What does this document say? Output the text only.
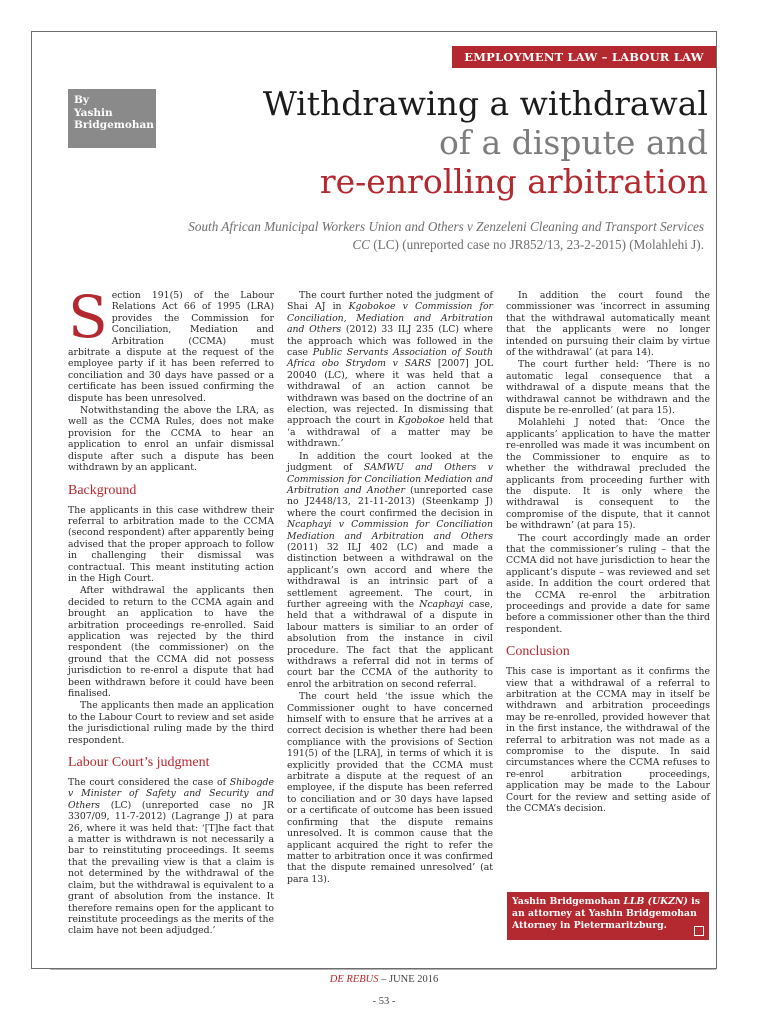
EMPLOYMENT LAW – LABOUR LAW
By
Yashin Bridgemohan
Withdrawing a withdrawal
of a dispute and
re-enrolling arbitration
South African Municipal Workers Union and Others v Zenzeleni Cleaning and Transport Services CC (LC) (unreported case no JR852/13, 23-2-2015) (Molahlehi J).

Section 191(5) of the Labour Relations Act 66 of 1995 (LRA) provides the Commission for Conciliation, Mediation and Arbitration (CCMA) must arbitrate a dispute at the request of the employee party if it has been referred to conciliation and 30 days have passed or a certificate has been issued confirming the dispute has been unresolved.

Notwithstanding the above the LRA, as well as the CCMA Rules, does not make provision for the CCMA to hear an application to enrol an unfair dismissal dispute after such a dispute has been withdrawn by an applicant.

Background

The applicants in this case withdrew their referral to arbitration made to the CCMA (second respondent) after apparently being advised that the proper approach to follow in challenging their dismissal was contractual. This meant instituting action in the High Court.

After withdrawal the applicants then decided to return to the CCMA again and brought an application to have the arbitration proceedings re-enrolled. Said application was rejected by the third respondent (the commissioner) on the ground that the CCMA did not possess jurisdiction to re-enrol a dispute that had been withdrawn before it could have been finalised.

The applicants then made an application to the Labour Court to review and set aside the jurisdictional ruling made by the third respondent.

Labour Court’s judgment

The court considered the case of Shibogde v Minister of Safety and Security and Others (LC) (unreported case no JR 3307/09, 11-7-2012) (Lagrange J) at para 26, where it was held that: ‘[T]he fact that a matter is withdrawn is not necessarily a bar to reinstituting proceedings. It seems that the prevailing view is that a claim is not determined by the withdrawal of the claim, but the withdrawal is equivalent to a grant of absolution from the instance. It therefore remains open for the applicant to reinstitute proceedings as the merits of the claim have not been adjudged.’

The court further noted the judgment of Shai AJ in Kgobokoe v Commission for Conciliation, Mediation and Arbitration and Others (2012) 33 ILJ 235 (LC) where the approach which was followed in the case Public Servants Association of South Africa obo Strydom v SARS [2007] JOL 20040 (LC), where it was held that a withdrawal of an action cannot be withdrawn was based on the doctrine of an election, was rejected. In dismissing that approach the court in Kgobokoe held that ‘a withdrawal of a matter may be withdrawn.’

In addition the court looked at the judgment of SAMWU and Others v Commission for Conciliation Mediation and Arbitration and Another (unreported case no J2448/13, 21-11-2013) (Steenkamp J) where the court confirmed the decision in Ncaphayi v Commission for Conciliation Mediation and Arbitration and Others (2011) 32 ILJ 402 (LC) and made a distinction between a withdrawal on the applicant’s own accord and where the withdrawal is an intrinsic part of a settlement agreement. The court, in further agreeing with the Ncaphayi case, held that a withdrawal of a dispute in labour matters is similiar to an order of absolution from the instance in civil procedure. The fact that the applicant withdraws a referral did not in terms of court bar the CCMA of the authority to enrol the arbitration on second referral.

The court held ‘the issue which the Commissioner ought to have concerned himself with to ensure that he arrives at a correct decision is whether there had been compliance with the provisions of Section 191(5) of the [LRA], in terms of which it is explicitly provided that the CCMA must arbitrate a dispute at the request of an employee, if the dispute has been referred to conciliation and or 30 days have lapsed or a certificate of outcome has been issued confirming that the dispute remains unresolved. It is common cause that the applicant acquired the right to refer the matter to arbitration once it was confirmed that the dispute remained unresolved’ (at para 13).

In addition the court found the commissioner was ‘incorrect in assuming that the withdrawal automatically meant that the applicants were no longer intended on pursuing their claim by virtue of the withdrawal’ (at para 14).

The court further held: ‘There is no automatic legal consequence that a withdrawal of a dispute means that the withdrawal cannot be withdrawn and the dispute be re-enrolled’ (at para 15).

Molahlehi J noted that: ‘Once the applicants’ application to have the matter re-enrolled was made it was incumbent on the Commissioner to enquire as to whether the withdrawal precluded the applicants from proceeding further with the dispute. It is only where the withdrawal is consequent to the compromise of the dispute, that it cannot be withdrawn’ (at para 15).

The court accordingly made an order that the commissioner’s ruling – that the CCMA did not have jurisdiction to hear the applicant’s dispute – was reviewed and set aside. In addition the court ordered that the CCMA re-enrol the arbitration proceedings and provide a date for same before a commissioner other than the third respondent.

Conclusion

This case is important as it confirms the view that a withdrawal of a referral to arbitration at the CCMA may in itself be withdrawn and arbitration proceedings may be re-enrolled, provided however that in the first instance, the withdrawal of the referral to arbitration was not made as a compromise to the dispute. In said circumstances where the CCMA refuses to re-enrol arbitration proceedings, application may be made to the Labour Court for the review and setting aside of the CCMA’s decision.

Yashin Bridgemohan LLB (UKZN) is an attorney at Yashin Bridgemohan Attorney in Pietermaritzburg.
DE REBUS – JUNE 2016
- 53 -
